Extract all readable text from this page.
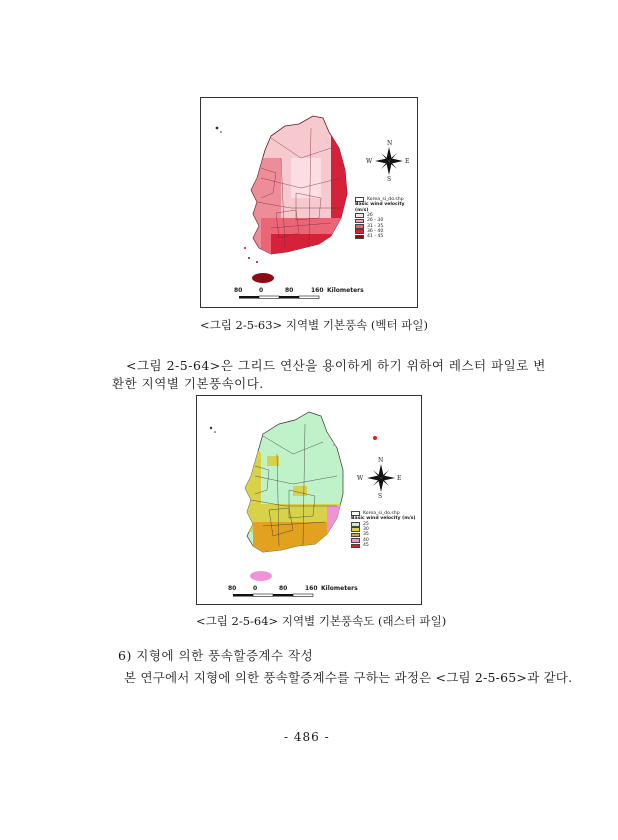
N
S
W	E
Korea_si_do.shp
Basic wind velocity (m/s)
26
26 - 30
31 - 35
36 - 40
41 - 45
80	0	80	160 Kilometers
<그림 2-5-63> 지역별 기본풍속 (벡터 파일)
<그림 2-5-64>은 그리드 연산을 용이하게 하기 위하여 레스터 파일로 변
환한 지역별 기본풍속이다.
N
S
W	E
Korea_si_do.shp
Basic wind velocity (m/s)
25
30
35
40
45
80	0	80	160 Kilometers
<그림 2-5-64> 지역별 기본풍속도 (래스터 파일)
6) 지형에 의한 풍속할증계수 작성
본 연구에서 지형에 의한 풍속할증계수를 구하는 과정은 <그림 2-5-65>과 같다.
- 486 -
